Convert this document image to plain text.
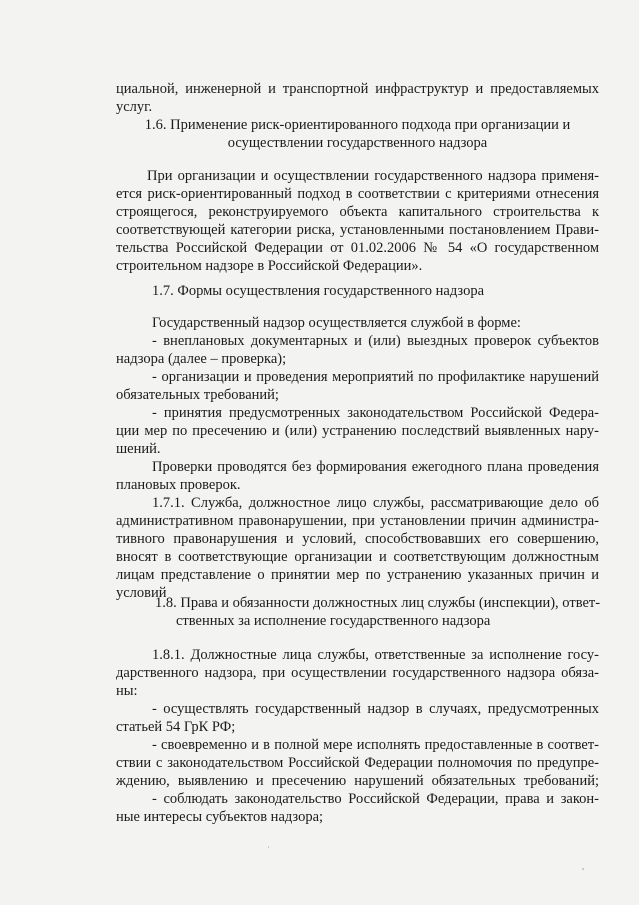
циальной, инженерной и транспортной инфраструктур и предоставляемых
услуг.
1.6. Применение риск-ориентированного подхода при организации и
осуществлении государственного надзора
При организации и осуществлении государственного надзора применя-
ется риск-ориентированный подход в соответствии с критериями отнесения
строящегося, реконструируемого объекта капитального строительства к
соответствующей категории риска, установленными постановлением Прави-
тельства Российской Федерации от 01.02.2006 № 54 «О государственном
строительном надзоре в Российской Федерации».
1.7. Формы осуществления государственного надзора
Государственный надзор осуществляется службой в форме:
- внеплановых документарных и (или) выездных проверок субъектов
надзора (далее – проверка);
- организации и проведения мероприятий по профилактике нарушений
обязательных требований;
- принятия предусмотренных законодательством Российской Федера-
ции мер по пресечению и (или) устранению последствий выявленных нару-
шений.
Проверки проводятся без формирования ежегодного плана проведения
плановых проверок.
1.7.1. Служба, должностное лицо службы, рассматривающие дело об
административном правонарушении, при установлении причин администра-
тивного правонарушения и условий, способствовавших его совершению,
вносят в соответствующие организации и соответствующим должностным
лицам представление о принятии мер по устранению указанных причин и
условий
1.8. Права и обязанности должностных лиц службы (инспекции), ответ-
ственных за исполнение государственного надзора
1.8.1. Должностные лица службы, ответственные за исполнение госу-
дарственного надзора, при осуществлении государственного надзора обяза-
ны:
- осуществлять государственный надзор в случаях, предусмотренных
статьей 54 ГрК РФ;
- своевременно и в полной мере исполнять предоставленные в соответ-
ствии с законодательством Российской Федерации полномочия по предупре-
ждению, выявлению и пресечению нарушений обязательных требований;
- соблюдать законодательство Российской Федерации, права и закон-
ные интересы субъектов надзора;
